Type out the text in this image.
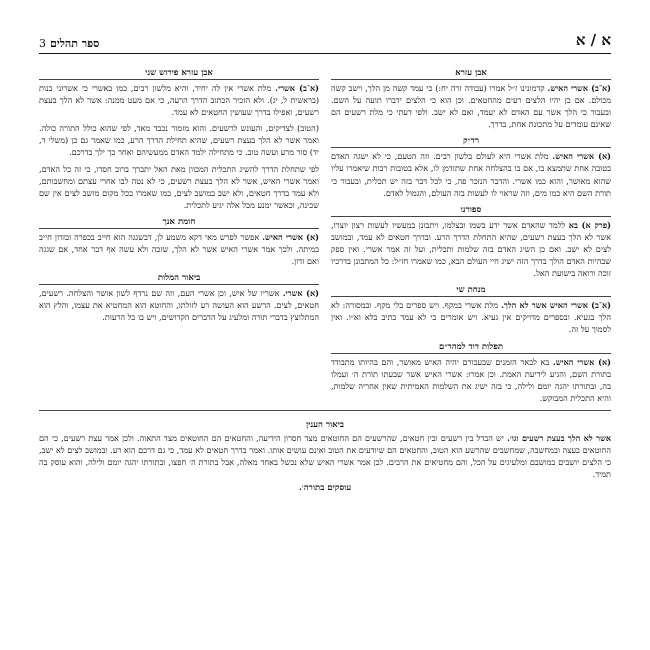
א / א
ספר תהלים
3
אבן עזרא

(א־ב) אשרי האיש. קדמונינו ז״ל אמרו (עבודה זרה יח:) כי עמד קשה מן הלך, וישב קשה מכולם. אם כן יהיו הלצים רעים מהחטאים. וכן הוא כי הלצים ידברו תועה על השם. ובעבור כי הלך אשר עם האדם לא יעמד, ואם לא ישב. ולפי דעתי כי מלת רשעים הם שאינם עומדים על מתכונת אחת, בדרך.

רד״ק

(א) אשרי האיש. מלת אשרי היא לעולם בלשון רבים. וזה הטעם, כי לא ישגה האדם בטובה אחת שתמצא בו, אם בו בהצלחה אחת שתזדמן לו, אלא בטובות רבות שיאמרו עליו שהוא מאושר, והוא כמו אשרי. והדבר הנזכר פה, כי לכל דבר בזה יש תכלית, ובעבור כי תורת השם היא כמו מים, וזה שראוי לו לעשות בזה העולם, והגמול לאדם.

ספורנו

(פרק א) בא ללמד שהאדם אשר ידע בשמו ובצלמו, ויתבונן במעשיו לעשות רצון יוצרו, אשר לא הלך בעצת רשעים, שהיא התחלת הדרך הרע. ובדרך חטאים לא עמד, ובמושב לצים לא ישב. ואם כן השיג האדם בזה שלמות ותכלית, ועל זה אמר אשרי. ואין ספק שבהיות האדם הולך בדרך הזה ישיג חיי העולם הבא, כמו שאמרו חז״ל: כל המתבונן בדרכיו זוכה ורואה בישועת האל.

מנחת שי

(א־ב) אשרי האיש אשר לא הלך. מלת אשרי במקף. ויש ספרים בלי מקף. ובמסורה: לא הלך בגעיא. ובספרים מדויקים אין געיא. ויש אומרים כי לא עמד כתיב בלא וא״ו. ואין לסמוך על זה.

תפלות דוד למהר״ם

(א) אשרי האיש. בא לבאר הזמנים שבעבורם יהיה האיש מאושר, והם בהיותו מתבודד בתורת השם, והגיע לידיעת האמת. וכן אמרו: אשרי האיש אשר שבעתו תורת ה׳ ועמלו בה, ובתורתו יהגה יומם ולילה, כי בזה ישיג את השלמות האמיתית שאין אחריה שלמות, והיא התכלית המבוקש.

אבן עזרא פירוש שני

(א־ב) אשרי. מלת אשרי אין לה יחיד, והיא מלשון רבים, כמו באשרי כי אשרוני בנות (בראשית ל, יג). ולא הזכיר הכתוב הדרך הרעה, כי אם מעט ממנה: אשר לא הלך בעצת רשעים, ואפילו בדרך שעושין החטאים לא עמד.

(הטוב) לצדיקים, והעונש לרשעים. והוא מזמור נכבד מאד, לפי שהוא כולל התורה כולה. ואמר אשר לא הלך בעצת רשעים, שהיא תחילת הדרך הרע, כמו שאמר גם כן (משלי ד, יד) סור מרע ועשה טוב. כי מתחילה ילמד האדם ממעשיהם ואחר כך ילך בדרכם.

לפי שתחלת הדרך להשיג התכלית המכוון מאת האל יתברך ברוב חסדו, כי זה כל האדם, ואמר אשרי האיש, אשר לא הלך בעצת רשעים, כי לא נטה לבו אחרי עצתם ומחשבותם, ולא עמד בדרך חטאים, ולא ישב במושב לצים, כמו שאמרו בכל מקום מושב לצים אין שם שכינה, וכאשר ימנע מכל אלה יגיע לתכלית.

חומת אנך

(א) אשרי האיש. אפשר לפרש מאי דקא משמע לן, דבשגגה הוא חייב בכפרה ובזדון חייב במיתה. ולכך אמר אשרי האיש אשר לא הלך, שזכה ולא עשה אף דבר אחד, אם שגגה ואם זדון.

ביאור המלות

(א) אשרי. אשריו של איש, וכן אשרי העם, וזה שם נרדף לשון אושר והצלחה. רשעים, חטאים, לצים. הרשע הוא העושה רע לזולתו, והחוטא הוא המחטיא את עצמו, והלץ הוא המתלוצץ בדברי תורה ומלעיג על הדברים הקדושים, ויש בו כל הרעות.

ביאור הענין

אשר לא הלך בעצת רשעים וגו׳. יש הבדל בין רשעים ובין חטאים, שהרשעים הם החוטאים מצד חסרון הידיעה, והחטאים הם החוטאים מצד התאוה. ולכן אמר עצת רשעים, כי הם החוטאים בעצה ובמחשבה, שמחשבים שהרשע הוא הטוב, והחטאים הם שיודעים את הטוב ואינם עושים אותו. ואמר בדרך חטאים לא עמד, כי גם דרכם הוא רע. ובמושב לצים לא ישב, כי הלצים יושבים במושבם ומלעיגים על הכל, והם מחטיאים את הרבים. לכן אמר אשרי האיש שלא נכשל באחד מאלה, אבל בתורת ה׳ חפצו, ובתורתו יהגה יומם ולילה, והוא עוסק בה תמיד.

עוסקים בתורה׳.
